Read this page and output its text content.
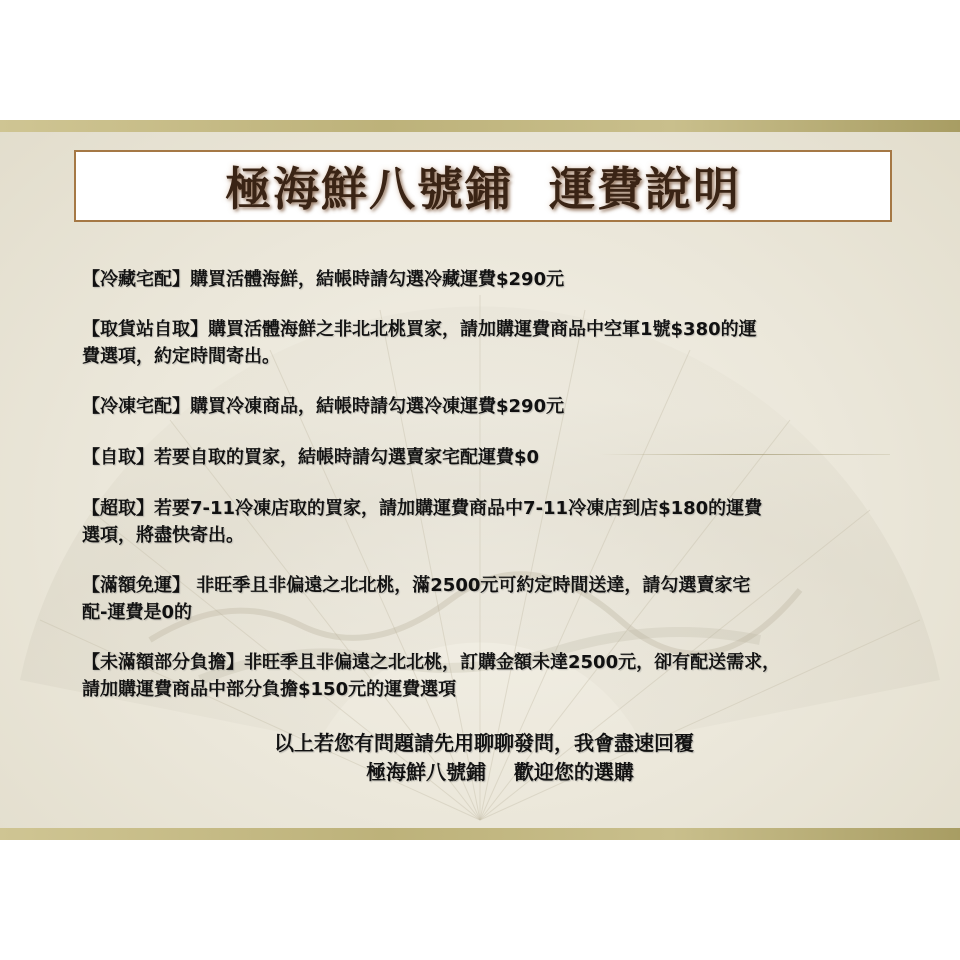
極海鮮八號鋪  運費說明
【冷藏宅配】購買活體海鮮，結帳時請勾選冷藏運費$290元
【取貨站自取】購買活體海鮮之非北北桃買家，請加購運費商品中空軍1號$380的運
費選項，約定時間寄出。
【冷凍宅配】購買冷凍商品，結帳時請勾選冷凍運費$290元
【自取】若要自取的買家，結帳時請勾選賣家宅配運費$0
【超取】若要7-11冷凍店取的買家，請加購運費商品中7-11冷凍店到店$180的運費
選項，將盡快寄出。
【滿額免運】 非旺季且非偏遠之北北桃，滿2500元可約定時間送達，請勾選賣家宅
配-運費是0的
【未滿額部分負擔】非旺季且非偏遠之北北桃，訂購金額未達2500元，卻有配送需求，
請加購運費商品中部分負擔$150元的運費選項
以上若您有問題請先用聊聊發問，我會盡速回覆
極海鮮八號鋪    歡迎您的選購
